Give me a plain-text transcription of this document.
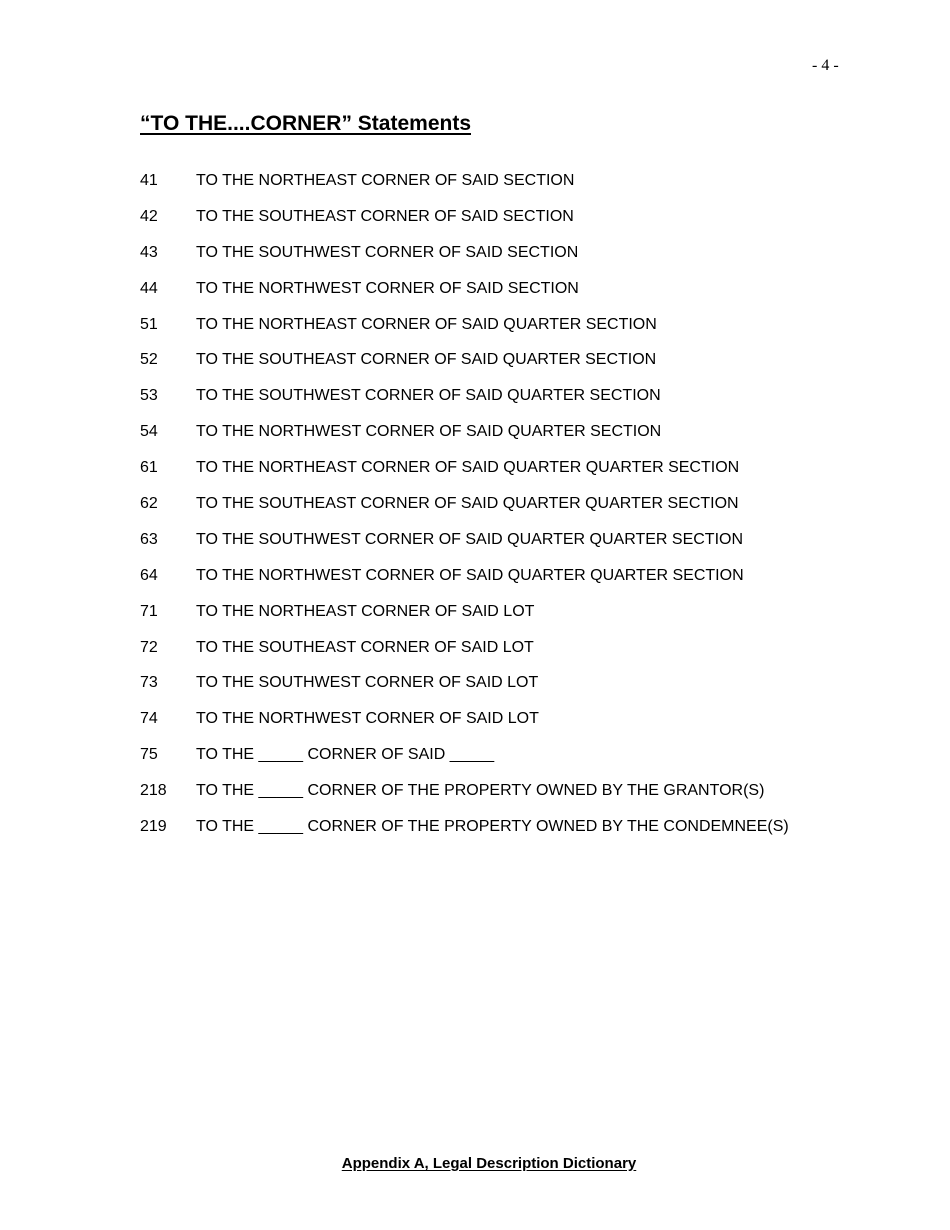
- 4 -
“TO THE....CORNER” Statements
41 TO THE NORTHEAST CORNER OF SAID SECTION
42 TO THE SOUTHEAST CORNER OF SAID SECTION
43 TO THE SOUTHWEST CORNER OF SAID SECTION
44 TO THE NORTHWEST CORNER OF SAID SECTION
51 TO THE NORTHEAST CORNER OF SAID QUARTER SECTION
52 TO THE SOUTHEAST CORNER OF SAID QUARTER SECTION
53 TO THE SOUTHWEST CORNER OF SAID QUARTER SECTION
54 TO THE NORTHWEST CORNER OF SAID QUARTER SECTION
61 TO THE NORTHEAST CORNER OF SAID QUARTER QUARTER SECTION
62 TO THE SOUTHEAST CORNER OF SAID QUARTER QUARTER SECTION
63 TO THE SOUTHWEST CORNER OF SAID QUARTER QUARTER SECTION
64 TO THE NORTHWEST CORNER OF SAID QUARTER QUARTER SECTION
71 TO THE NORTHEAST CORNER OF SAID LOT
72 TO THE SOUTHEAST CORNER OF SAID LOT
73 TO THE SOUTHWEST CORNER OF SAID LOT
74 TO THE NORTHWEST CORNER OF SAID LOT
75 TO THE _____ CORNER OF SAID _____
218 TO THE _____ CORNER OF THE PROPERTY OWNED BY THE GRANTOR(S)
219 TO THE _____ CORNER OF THE PROPERTY OWNED BY THE CONDEMNEE(S)
Appendix A, Legal Description Dictionary
